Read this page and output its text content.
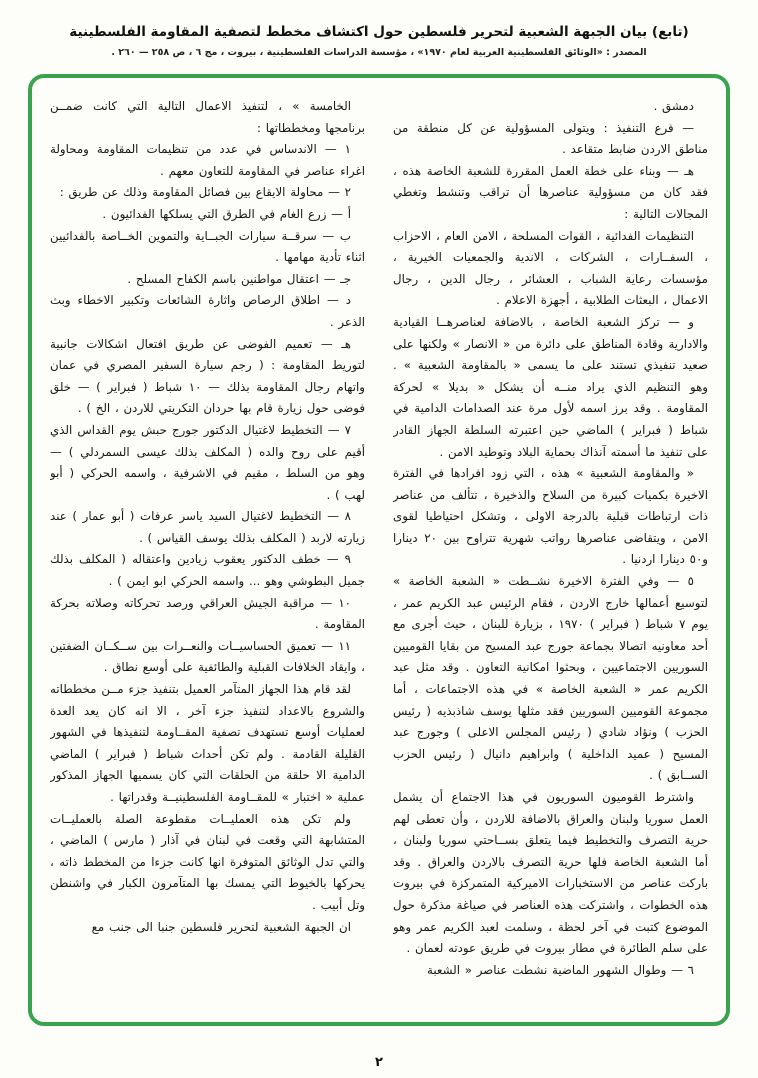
(تابع) بيان الجبهة الشعبية لتحرير فلسطين حول اكتشاف مخطط لتصفية المقاومة الفلسطينية
المصدر : «الوثائق الفلسطينية العربية لعام ١٩٧٠» ، مؤسسة الدراسات الفلسطينية ، بيروت ، مج ٦ ، ص ٢٥٨ — ٢٦٠ .

دمشق .

— فرع التنفيذ : ويتولى المسؤولية عن كل منطقة من مناطق الاردن ضابط متقاعد .

هـ — وبناء على خطة العمل المقررة للشعبة الخاصة هذه ، فقد كان من مسؤولية عناصرها أن تراقب وتنشط وتغطي المجالات التالية :

التنظيمات الفدائية ، القوات المسلحة ، الامن العام ، الاحزاب ، السفــارات ، الشركات ، الاندية والجمعيات الخيرية ، مؤسسات رعاية الشباب ، العشائر ، رجال الدين ، رجال الاعمال ، البعثات الطلابية ، أجهزة الاعلام .

و — تركز الشعبة الخاصة ، بالاضافة لعناصرهــا القيادية والادارية وقادة المناطق على دائرة من « الانصار » ولكنها على صعيد تنفيذي تستند على ما يسمى « بالمقاومة الشعبية » . وهو التنظيم الذي يراد منــه أن يشكل « بديلا » لحركة المقاومة . وقد برز اسمه لأول مرة عند الصدامات الدامية في شباط ( فبراير ) الماضي حين اعتبرته السلطة الجهاز القادر على تنفيذ ما أسمته آنذاك بحماية البلاد وتوطيد الامن .

« والمقاومة الشعبية » هذه ، التي زود افرادها في الفترة الاخيرة بكميات كبيرة من السلاح والذخيرة ، تتألف من عناصر ذات ارتباطات قبلية بالدرجة الاولى ، وتشكل احتياطيا لقوى الامن ، ويتقاضى عناصرها رواتب شهرية تتراوح بين ٢٠ دينارا و٥٠ دينارا اردنيا .

٥ — وفي الفترة الاخيرة نشــطت « الشعبة الخاصة » لتوسيع أعمالها خارج الاردن ، فقام الرئيس عبد الكريم عمر ، يوم ٧ شباط ( فبراير ) ١٩٧٠ ، بزيارة للبنان ، حيث أجرى مع أحد معاونيه اتصالا بجماعة جورج عبد المسيح من بقايا القوميين السوريين الاجتماعيين ، وبحثوا امكانية التعاون . وقد مثل عبد الكريم عمر « الشعبة الخاصة » في هذه الاجتماعات ، أما مجموعة القوميين السوريين فقد مثلها يوسف شاذبذيه ( رئيس الحزب ) ونؤاد شادي ( رئيس المجلس الاعلى ) وجورج عبد المسيح ( عميد الداخلية ) وابراهيم دانيال ( رئيس الحزب الســابق ) .

واشترط القوميون السوريون في هذا الاجتماع أن يشمل العمل سوريا ولبنان والعراق بالاضافة للاردن ، وأن تعطى لهم حرية التصرف والتخطيط فيما يتعلق بســاحتي سوريا ولبنان ، أما الشعبة الخاصة فلها حرية التصرف بالاردن والعراق . وقد باركت عناصر من الاستخبارات الاميركية المتمركزة في بيروت هذه الخطوات ، واشتركت هذه العناصر في صياغة مذكرة حول الموضوع كتبت في آخر لحظة ، وسلمت لعبد الكريم عمر وهو على سلم الطائرة في مطار بيروت في طريق عودته لعمان .

٦ — وطوال الشهور الماضية نشطت عناصر « الشعبة

الخامسة » ، لتنفيذ الاعمال التالية التي كانت ضمــن برنامجها ومخططاتها :

١ — الاندساس في عدد من تنظيمات المقاومة ومحاولة اغراء عناصر في المقاومة للتعاون معهم .

٢ — محاولة الايقاع بين فصائل المقاومة وذلك عن طريق :

أ — زرع الغام في الطرق التي يسلكها الفدائيون .

ب — سرقــة سيارات الجبــاية والتموين الخــاصة بالفدائيين اثناء تأدية مهامها .

جـ — اعتقال مواطنين باسم الكفاح المسلح .

د — اطلاق الرصاص واثارة الشائعات وتكبير الاخطاء وبث الذعر .

هـ — تعميم الفوضى عن طريق افتعال اشكالات جانبية لتوريط المقاومة : ( رجم سيارة السفير المصري في عمان واتهام رجال المقاومة بذلك — ١٠ شباط ( فبراير ) — خلق فوضى حول زيارة قام بها حردان التكريتي للاردن ، الخ ) .

٧ — التخطيط لاغتيال الدكتور جورج حبش يوم القداس الذي أقيم على روح والده ( المكلف بذلك عيسى السمردلي ) — وهو من السلط ، مقيم في الاشرفية ، واسمه الحركي ( أبو لهب ) .

٨ — التخطيط لاغتيال السيد ياسر عرفات ( أبو عمار ) عند زيارته لاربد ( المكلف بذلك يوسف القياس ) .

٩ — خطف الدكتور يعقوب زيادين واعتقاله ( المكلف بذلك جميل البطوشي وهو ... واسمه الحركي ابو ايمن ) .

١٠ — مراقبة الجيش العراقي ورصد تحركاته وصلاته بحركة المقاومة .

١١ — تعميق الحساسيــات والنعــرات بين ســكــان الضفتين ، وايقاد الخلافات القبلية والطائفية على أوسع نطاق .

لقد قام هذا الجهاز المتآمر العميل بتنفيذ جزء مــن مخططاته والشروع بالاعداد لتنفيذ جزء آخر ، الا انه كان يعد العدة لعمليات أوسع تستهدف تصفية المقــاومة لتنفيذها في الشهور القليلة القادمة . ولم تكن أحداث شباط ( فبراير ) الماضي الدامية الا حلقة من الحلقات التي كان يسميها الجهاز المذكور عملية « اختبار » للمقــاومة الفلسطينيــة وقدراتها .

ولم تكن هذه العمليــات مقطوعة الصلة بالعمليــات المتشابهة التي وقعت في لبنان في آذار ( مارس ) الماضي ، والتي تدل الوثائق المتوفرة انها كانت جزءا من المخطط ذاته ، يحركها بالخيوط التي يمسك بها المتآمرون الكبار في واشنطن وتل أبيب .

ان الجبهة الشعبية لتحرير فلسطين جنبا الى جنب مع

٢
